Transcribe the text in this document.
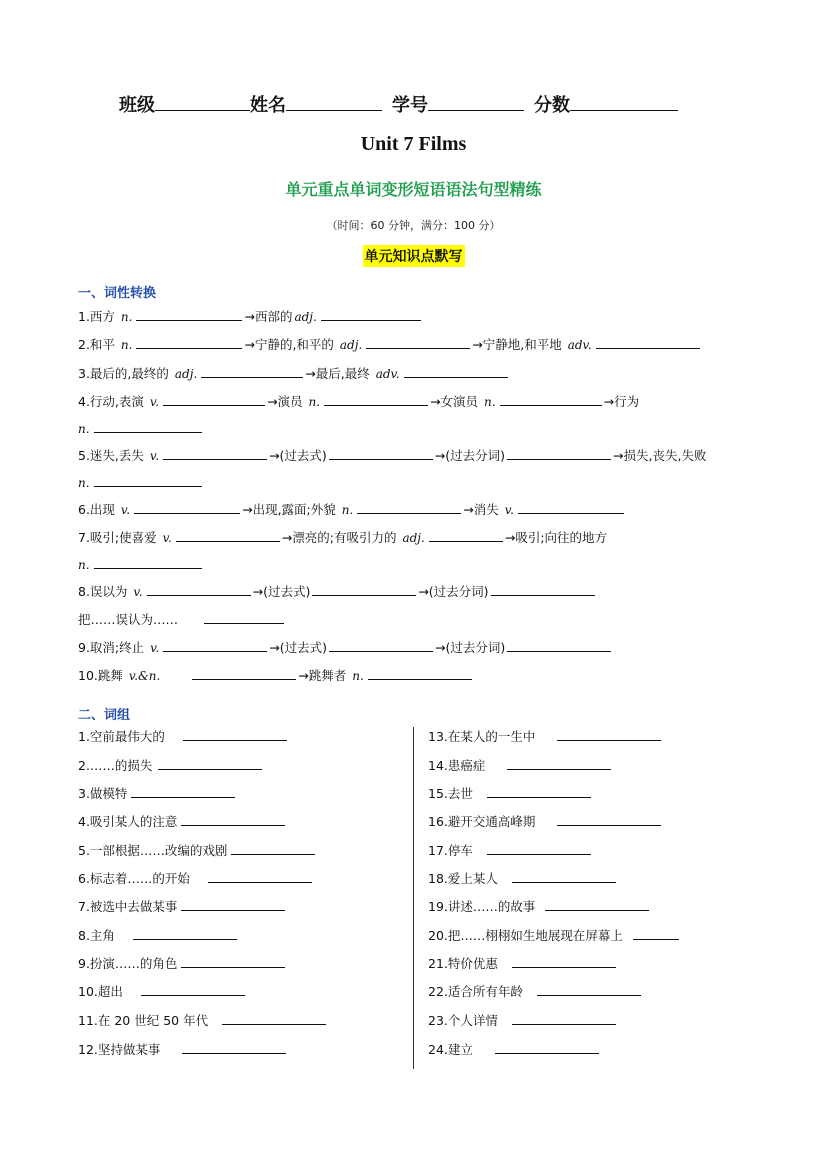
班级	姓名	学号	分数
Unit 7 Films
单元重点单词变形短语语法句型精练
（时间：60 分钟，满分：100 分）
单元知识点默写
一、词性转换
1.西方 n.	→西部的 adj.
2.和平 n.	→宁静的,和平的 adj.	→宁静地,和平地 adv.
3.最后的,最终的 adj.	→最后,最终 adv.
4.行动,表演 v.	→演员 n.	→女演员 n.	→行为
n.
5.迷失,丢失 v.	→(过去式)	→(过去分词)	→损失,丧失,失败
n.
6.出现 v.	→出现,露面;外貌 n.	→消失 v.
7.吸引;使喜爱 v.	→漂亮的;有吸引力的 adj.	→吸引;向往的地方
n.
8.误以为 v.	→(过去式)	→(过去分词)
把……误认为……
9.取消;终止 v.	→(过去式)	→(过去分词)
10.跳舞 v.&n.	→跳舞者 n.
二、词组
1.空前最伟大的
2.……的损失
3.做模特
4.吸引某人的注意
5.一部根据……改编的戏剧
6.标志着……的开始
7.被选中去做某事
8.主角
9.扮演……的角色
10.超出
11.在 20 世纪 50 年代
12.坚持做某事
13.在某人的一生中
14.患癌症
15.去世
16.避开交通高峰期
17.停车
18.爱上某人
19.讲述……的故事
20.把……栩栩如生地展现在屏幕上
21.特价优惠
22.适合所有年龄
23.个人详情
24.建立
